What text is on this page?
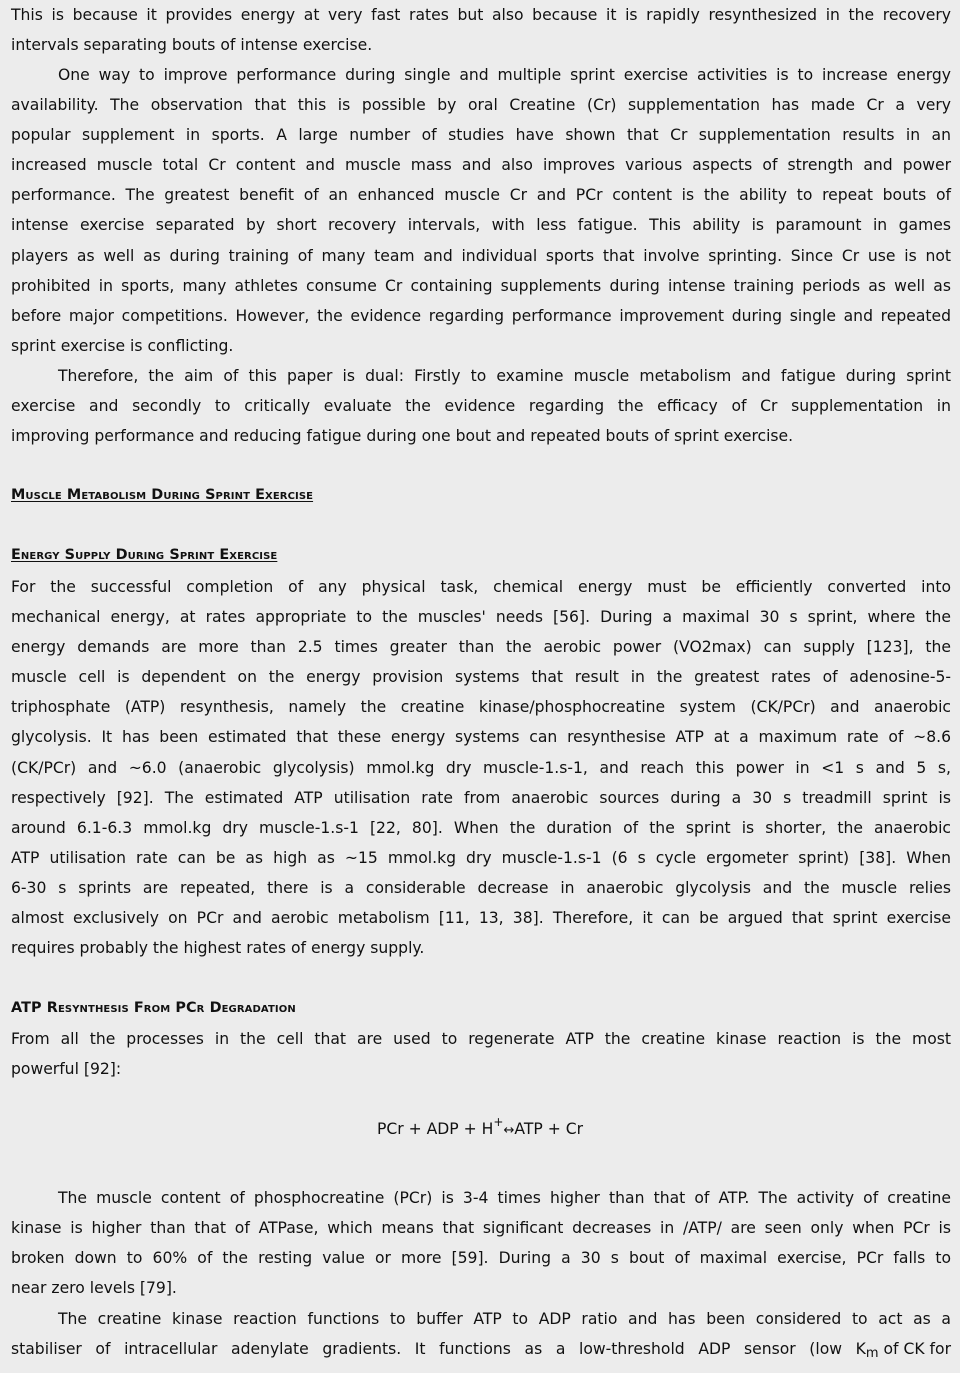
This is because it provides energy at very fast rates but also because it is rapidly resynthesized in the recovery
intervals separating bouts of intense exercise.
One way to improve performance during single and multiple sprint exercise activities is to increase energy
availability. The observation that this is possible by oral Creatine (Cr) supplementation has made Cr a very
popular supplement in sports. A large number of studies have shown that Cr supplementation results in an
increased muscle total Cr content and muscle mass and also improves various aspects of strength and power
performance. The greatest benefit of an enhanced muscle Cr and PCr content is the ability to repeat bouts of
intense exercise separated by short recovery intervals, with less fatigue. This ability is paramount in games
players as well as during training of many team and individual sports that involve sprinting. Since Cr use is not
prohibited in sports, many athletes consume Cr containing supplements during intense training periods as well as
before major competitions. However, the evidence regarding performance improvement during single and repeated
sprint exercise is conflicting.
Therefore, the aim of this paper is dual: Firstly to examine muscle metabolism and fatigue during sprint
exercise and secondly to critically evaluate the evidence regarding the efficacy of Cr supplementation in
improving performance and reducing fatigue during one bout and repeated bouts of sprint exercise.
Muscle Metabolism During Sprint Exercise
Energy Supply During Sprint Exercise
For the successful completion of any physical task, chemical energy must be efficiently converted into
mechanical energy, at rates appropriate to the muscles' needs [56]. During a maximal 30 s sprint, where the
energy demands are more than 2.5 times greater than the aerobic power (VO2max) can supply [123], the
muscle cell is dependent on the energy provision systems that result in the greatest rates of adenosine-5-
triphosphate (ATP) resynthesis, namely the creatine kinase/phosphocreatine system (CK/PCr) and anaerobic
glycolysis. It has been estimated that these energy systems can resynthesise ATP at a maximum rate of ~8.6
(CK/PCr) and ~6.0 (anaerobic glycolysis) mmol.kg dry muscle-1.s-1, and reach this power in <1 s and 5 s,
respectively [92]. The estimated ATP utilisation rate from anaerobic sources during a 30 s treadmill sprint is
around 6.1-6.3 mmol.kg dry muscle-1.s-1 [22, 80]. When the duration of the sprint is shorter, the anaerobic
ATP utilisation rate can be as high as ~15 mmol.kg dry muscle-1.s-1 (6 s cycle ergometer sprint) [38]. When
6-30 s sprints are repeated, there is a considerable decrease in anaerobic glycolysis and the muscle relies
almost exclusively on PCr and aerobic metabolism [11, 13, 38]. Therefore, it can be argued that sprint exercise
requires probably the highest rates of energy supply.
ATP Resynthesis From PCr Degradation
From all the processes in the cell that are used to regenerate ATP the creatine kinase reaction is the most
powerful [92]:
PCr + ADP + H+↔ATP + Cr
The muscle content of phosphocreatine (PCr) is 3-4 times higher than that of ATP. The activity of creatine
kinase is higher than that of ATPase, which means that significant decreases in /ATP/ are seen only when PCr is
broken down to 60% of the resting value or more [59]. During a 30 s bout of maximal exercise, PCr falls to
near zero levels [79].
The creatine kinase reaction functions to buffer ATP to ADP ratio and has been considered to act as a
stabiliser of intracellular adenylate gradients. It functions as a low-threshold ADP sensor (low K m of CK for
